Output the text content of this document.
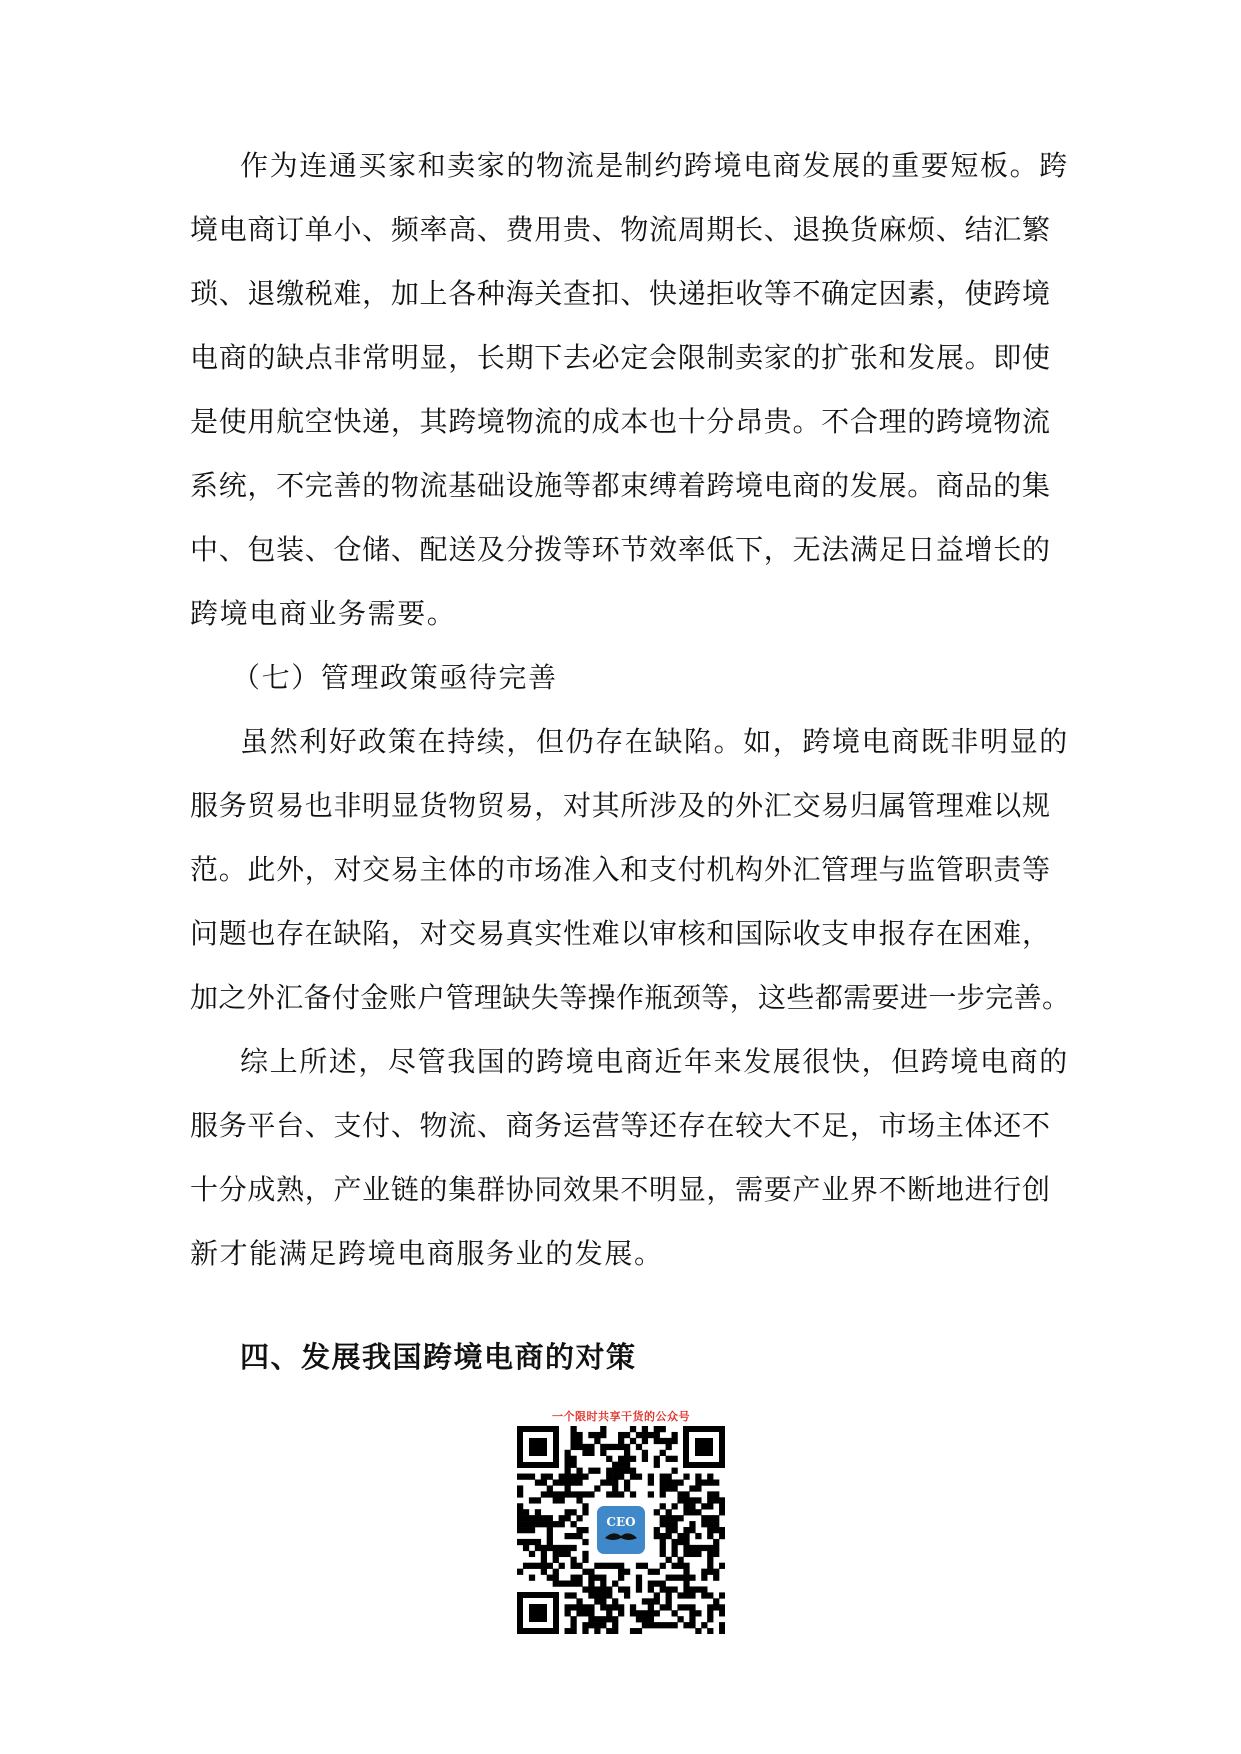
作为连通买家和卖家的物流是制约跨境电商发展的重要短板。跨
境电商订单小、频率高、费用贵、物流周期长、退换货麻烦、结汇繁
琐、退缴税难，加上各种海关查扣、快递拒收等不确定因素，使跨境
电商的缺点非常明显，长期下去必定会限制卖家的扩张和发展。即使
是使用航空快递，其跨境物流的成本也十分昂贵。不合理的跨境物流
系统，不完善的物流基础设施等都束缚着跨境电商的发展。商品的集
中、包装、仓储、配送及分拨等环节效率低下，无法满足日益增长的
跨境电商业务需要。
（七）管理政策亟待完善
虽然利好政策在持续，但仍存在缺陷。如，跨境电商既非明显的
服务贸易也非明显货物贸易，对其所涉及的外汇交易归属管理难以规
范。此外，对交易主体的市场准入和支付机构外汇管理与监管职责等
问题也存在缺陷，对交易真实性难以审核和国际收支申报存在困难，
加之外汇备付金账户管理缺失等操作瓶颈等，这些都需要进一步完善。
综上所述，尽管我国的跨境电商近年来发展很快，但跨境电商的
服务平台、支付、物流、商务运营等还存在较大不足，市场主体还不
十分成熟，产业链的集群协同效果不明显，需要产业界不断地进行创
新才能满足跨境电商服务业的发展。
四、发展我国跨境电商的对策
一个限时共享干货的公众号
CEO
